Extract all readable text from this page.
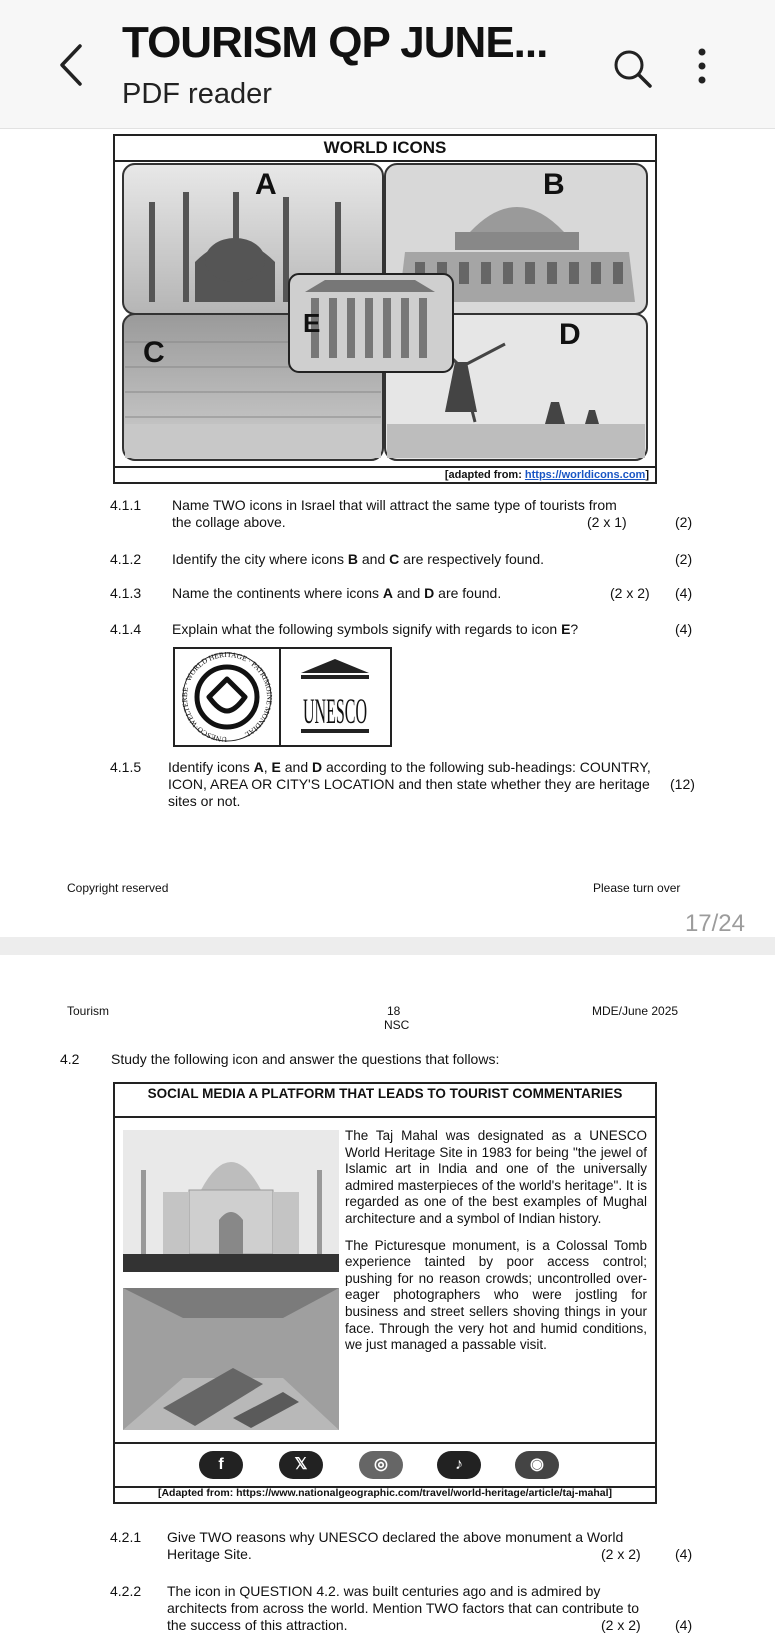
TOURISM QP JUNE...
PDF reader
WORLD ICONS
A	B
C
D
E
[adapted from: https://worldicons.com]
4.1.1 Name TWO icons in Israel that will attract the same type of tourists from the collage above.	(2 x 1)	(2)
4.1.2 Identify the city where icons B and C are respectively found.	(2)
4.1.3 Name the continents where icons A and D are found.	(2 x 2) (4)
4.1.4 Explain what the following symbols signify with regards to icon E?	(4)
UNESCO·WELTERBE · WORLD HERITAGE · PATRIMOINE MONDIAL
UNESCO
4.1.5 Identify icons A, E and D according to the following sub-headings: COUNTRY, ICON, AREA OR CITY'S LOCATION and then state whether they are heritage sites or not.
(12)
Copyright reserved	Please turn over
17/24
Tourism	18
NSC
MDE/June 2025
4.2 Study the following icon and answer the questions that follows:
SOCIAL MEDIA A PLATFORM THAT LEADS TO TOURIST COMMENTARIES

The Taj Mahal was designated as a UNESCO World Heritage Site in 1983 for being "the jewel of Islamic art in India and one of the universally admired masterpieces of the world's heritage". It is regarded as one of the best examples of Mughal architecture and a symbol of Indian history.

The Picturesque monument, is a Colossal Tomb experience tainted by poor access control; pushing for no reason crowds; uncontrolled over-eager photographers who were jostling for business and street sellers shoving things in your face. Through the very hot and humid conditions, we just managed a passable visit.

f	𝕏	◎	♪	◉
[Adapted from: https://www.nationalgeographic.com/travel/world-heritage/article/taj-mahal]
4.2.1 Give TWO reasons why UNESCO declared the above monument a World Heritage Site.	(2 x 2) (4)
4.2.2 The icon in QUESTION 4.2. was built centuries ago and is admired by architects from across the world. Mention TWO factors that can contribute to the success of this attraction.	(2 x 2) (4)
